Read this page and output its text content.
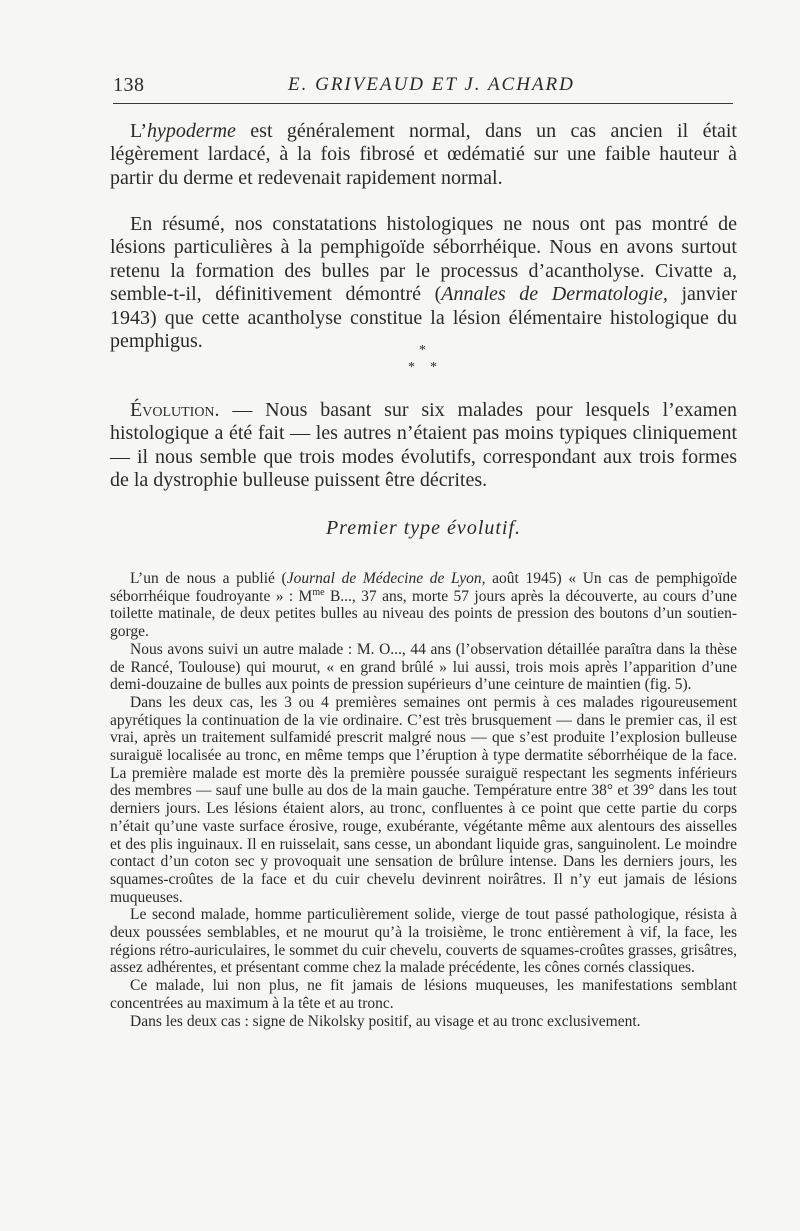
138	E. GRIVEAUD ET J. ACHARD

L’hypoderme est généralement normal, dans un cas ancien il était légèrement lardacé, à la fois fibrosé et œdématié sur une faible hauteur à partir du derme et redevenait rapidement normal.

En résumé, nos constatations histologiques ne nous ont pas montré de lésions particulières à la pemphigoïde séborrhéique. Nous en avons surtout retenu la formation des bulles par le processus d’acantholyse. Civatte a, semble-t-il, définitivement démontré (Annales de Dermatologie, janvier 1943) que cette acantholyse constitue la lésion élémentaire histologique du pemphigus.	*
* *

Évolution. — Nous basant sur six malades pour lesquels l’examen histologique a été fait — les autres n’étaient pas moins typiques cliniquement — il nous semble que trois modes évolutifs, correspondant aux trois formes de la dystrophie bulleuse puissent être décrites.

Premier type évolutif.

L’un de nous a publié (Journal de Médecine de Lyon, août 1945) « Un cas de pemphigoïde séborrhéique foudroyante » : $M^{me}$ B..., 37 ans, morte 57 jours après la découverte, au cours d’une toilette matinale, de deux petites bulles au niveau des points de pression des boutons d’un soutien-gorge.

Nous avons suivi un autre malade : M. O..., 44 ans (l’observation détaillée paraîtra dans la thèse de Rancé, Toulouse) qui mourut, « en grand brûlé » lui aussi, trois mois après l’apparition d’une demi-douzaine de bulles aux points de pression supérieurs d’une ceinture de maintien (fig. 5).

Dans les deux cas, les 3 ou 4 premières semaines ont permis à ces malades rigoureusement apyrétiques la continuation de la vie ordinaire. C’est très brusquement — dans le premier cas, il est vrai, après un traitement sulfamidé prescrit malgré nous — que s’est produite l’explosion bulleuse suraiguë localisée au tronc, en même temps que l’éruption à type dermatite séborrhéique de la face. La première malade est morte dès la première poussée suraiguë respectant les segments inférieurs des membres — sauf une bulle au dos de la main gauche. Température entre 38° et 39° dans les tout derniers jours. Les lésions étaient alors, au tronc, confluentes à ce point que cette partie du corps n’était qu’une vaste surface érosive, rouge, exubérante, végétante même aux alentours des aisselles et des plis inguinaux. Il en ruisselait, sans cesse, un abondant liquide gras, sanguinolent. Le moindre contact d’un coton sec y provoquait une sensation de brûlure intense. Dans les derniers jours, les squames-croûtes de la face et du cuir chevelu devinrent noirâtres. Il n’y eut jamais de lésions muqueuses.

Le second malade, homme particulièrement solide, vierge de tout passé pathologique, résista à deux poussées semblables, et ne mourut qu’à la troisième, le tronc entièrement à vif, la face, les régions rétro-auriculaires, le sommet du cuir chevelu, couverts de squames-croûtes grasses, grisâtres, assez adhérentes, et présentant comme chez la malade précédente, les cônes cornés classiques.

Ce malade, lui non plus, ne fit jamais de lésions muqueuses, les manifestations semblant concentrées au maximum à la tête et au tronc.

Dans les deux cas : signe de Nikolsky positif, au visage et au tronc exclusivement.
